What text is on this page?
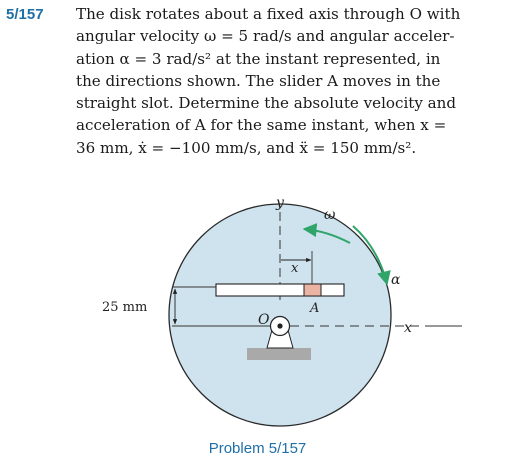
5/157 The disk rotates about a fixed axis through O with
angular velocity ω = 5 rad/s and angular acceler-
ation α = 3 rad/s² at the instant represented, in
the directions shown. The slider A moves in the
straight slot. Determine the absolute velocity and
acceleration of A for the same instant, when x =
36 mm, ẋ = −100 mm/s, and ẍ = 150 mm/s².

y
x
x
A
25 mm
O
ω
α
Problem 5/157
